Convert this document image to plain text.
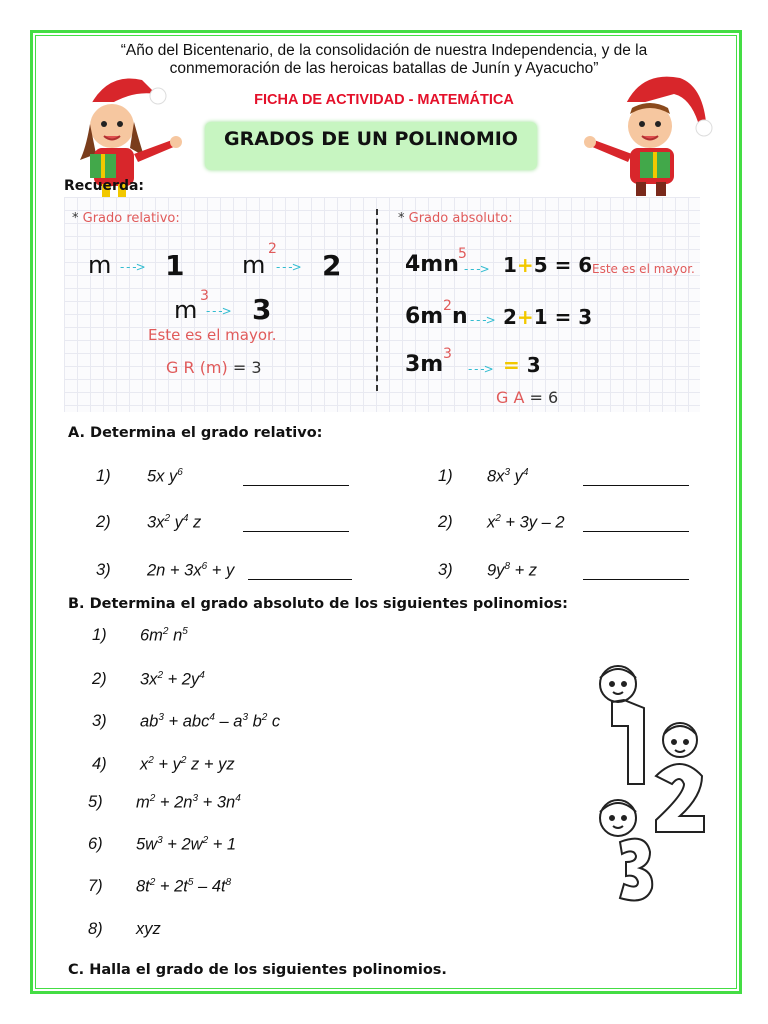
“Año del Bicentenario, de la consolidación de nuestra Independencia, y de la
conmemoración de las heroicas batallas de Junín y Ayacucho”
FICHA DE ACTIVIDAD - MATEMÁTICA
GRADOS DE UN POLINOMIO
Recuerda:
* Grado relativo:
m - - -> 1 m
2
- - -> 2
m 3
- - -> 3
Este es el mayor.
G R (m) = 3
* Grado absoluto:
4mn 5
- - -> 1+5 = 6 Este es el mayor.
6m 2 n - - -> 2+1 = 3
3m 3
- - -> = 3
G A = 6
A. Determina el grado relativo:
1) 5x $y^6$
2) $3x^2$ $y^4$ z
3) $2n + 3x^6 + y$
1) $8x^3$ $y^4$
2) $x^2 + 3y - 2$
3) $9y^8 + z$
B. Determina el grado absoluto de los siguientes polinomios:
1) $6m^2$ $n^5$
2) $3x^2 + 2y^4$
3) $ab^3 + abc^4 - a^3$ $b^2$ c
4) $x^2 + y^2$ z + yz
5) $m^2 + 2n^3 + 3n^4$
6) $5w^3 + 2w^2 + 1$
7) $8t^2 + 2t^5 - 4t^8$
8) xyz
C. Halla el grado de los siguientes polinomios.
